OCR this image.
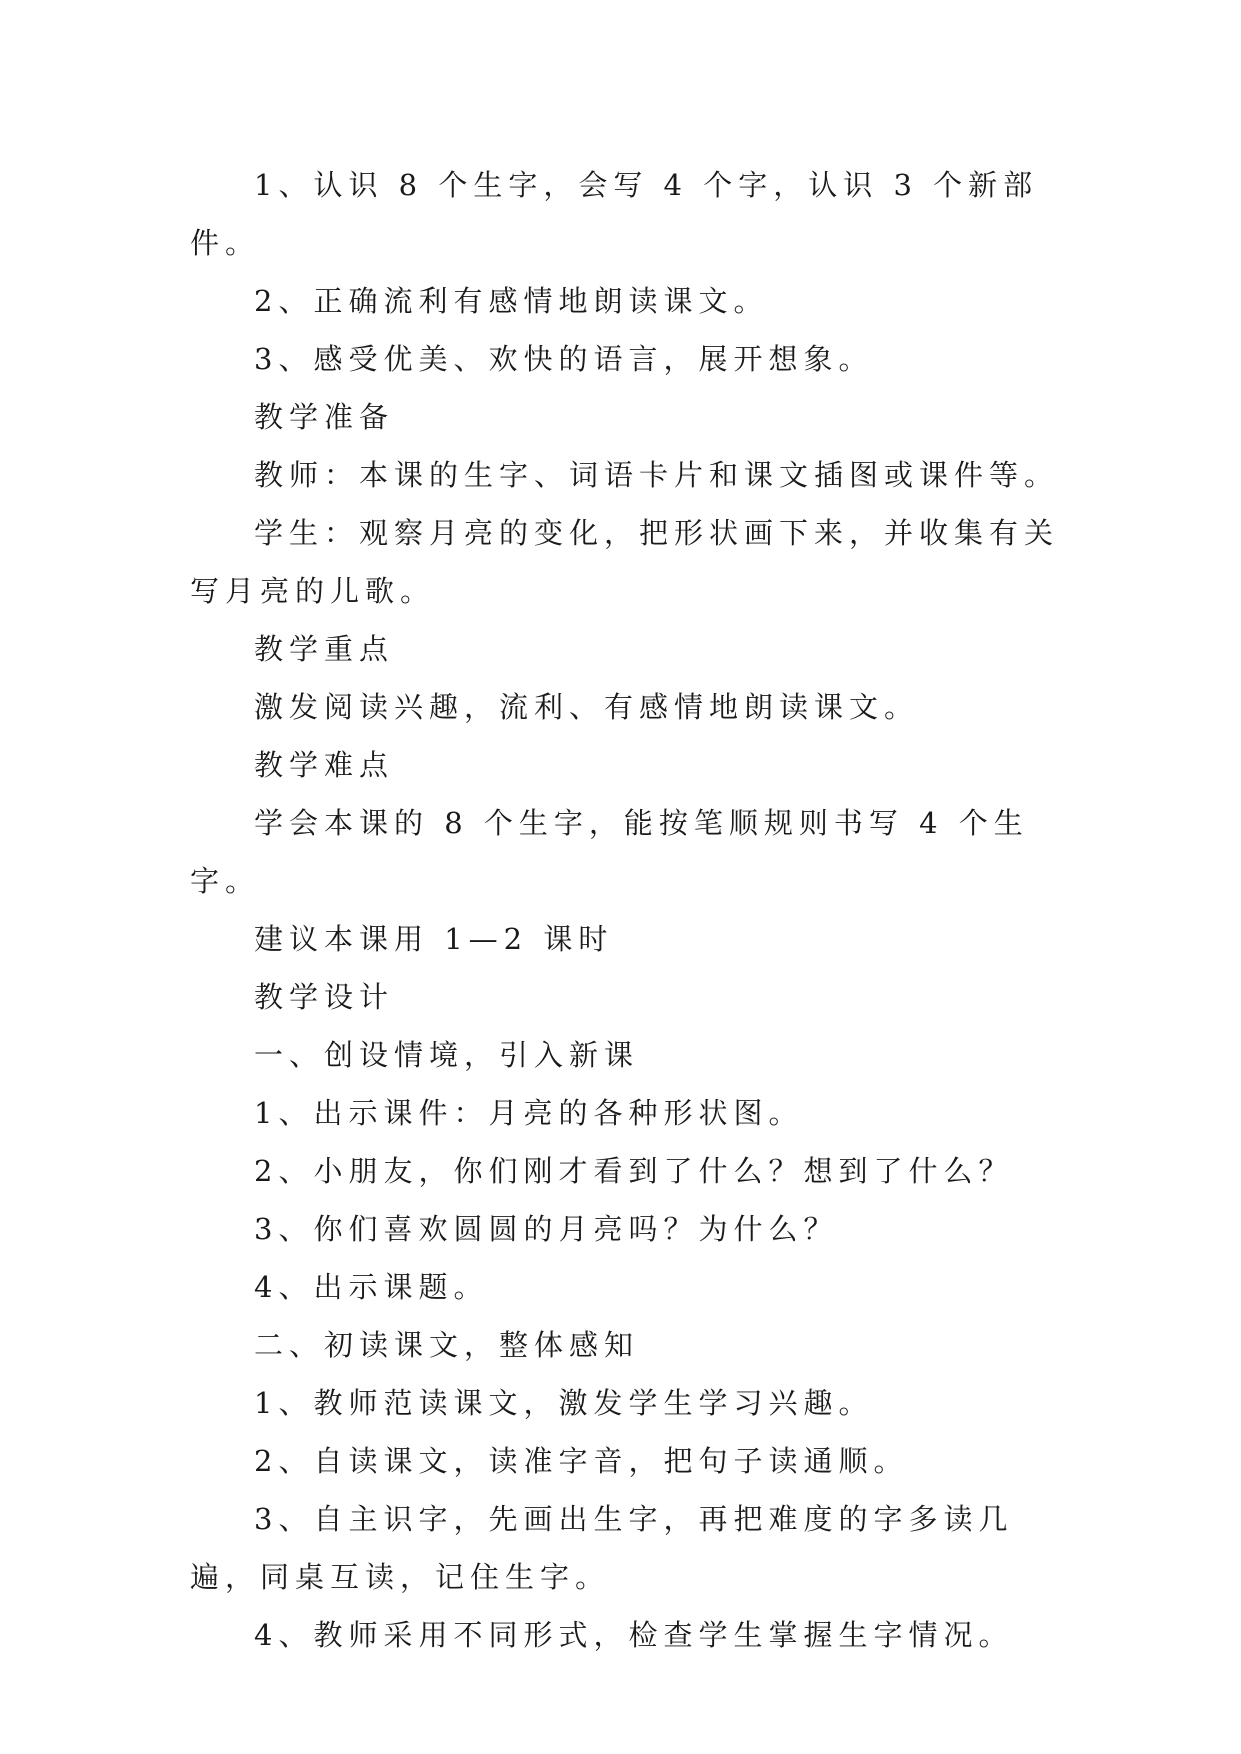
1、认识 8 个生字，会写 4 个字，认识 3 个新部件。

2、正确流利有感情地朗读课文。

3、感受优美、欢快的语言，展开想象。

教学准备

教师：本课的生字、词语卡片和课文插图或课件等。

学生：观察月亮的变化，把形状画下来，并收集有关写月亮的儿歌。

教学重点

激发阅读兴趣，流利、有感情地朗读课文。

教学难点

学会本课的 8 个生字，能按笔顺规则书写 4 个生字。

建议本课用 1—2 课时

教学设计

一、创设情境，引入新课

1、出示课件：月亮的各种形状图。

2、小朋友，你们刚才看到了什么？想到了什么？

3、你们喜欢圆圆的月亮吗？为什么？

4、出示课题。

二、初读课文，整体感知

1、教师范读课文，激发学生学习兴趣。

2、自读课文，读准字音，把句子读通顺。

3、自主识字，先画出生字，再把难度的字多读几遍，同桌互读，记住生字。

4、教师采用不同形式，检查学生掌握生字情况。
